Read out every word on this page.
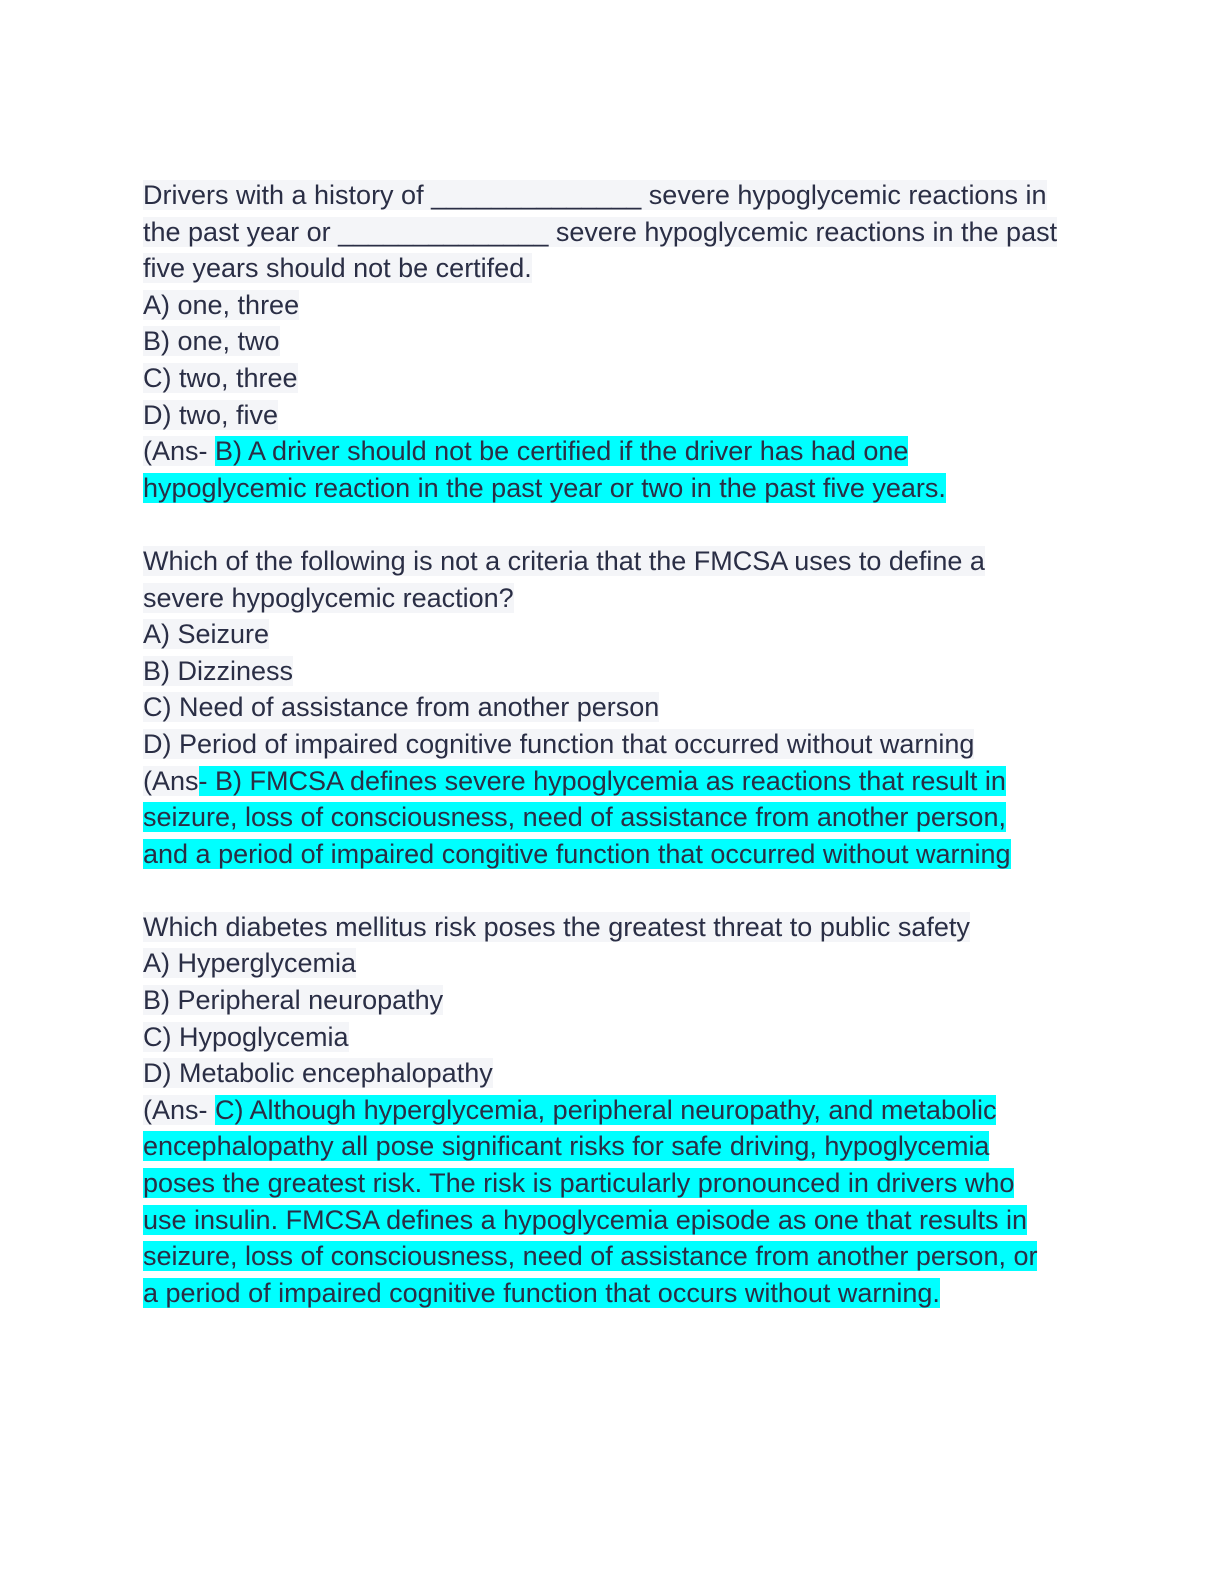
Drivers with a history of ______________ severe hypoglycemic reactions in
the past year or ______________ severe hypoglycemic reactions in the past
five years should not be certifed.
A) one, three
B) one, two
C) two, three
D) two, five
(Ans- B) A driver should not be certified if the driver has had one
hypoglycemic reaction in the past year or two in the past five years.
Which of the following is not a criteria that the FMCSA uses to define a
severe hypoglycemic reaction?
A) Seizure
B) Dizziness
C) Need of assistance from another person
D) Period of impaired cognitive function that occurred without warning
(Ans- B) FMCSA defines severe hypoglycemia as reactions that result in
seizure, loss of consciousness, need of assistance from another person,
and a period of impaired congitive function that occurred without warning
Which diabetes mellitus risk poses the greatest threat to public safety
A) Hyperglycemia
B) Peripheral neuropathy
C) Hypoglycemia
D) Metabolic encephalopathy
(Ans- C) Although hyperglycemia, peripheral neuropathy, and metabolic
encephalopathy all pose significant risks for safe driving, hypoglycemia
poses the greatest risk. The risk is particularly pronounced in drivers who
use insulin. FMCSA defines a hypoglycemia episode as one that results in
seizure, loss of consciousness, need of assistance from another person, or
a period of impaired cognitive function that occurs without warning.
